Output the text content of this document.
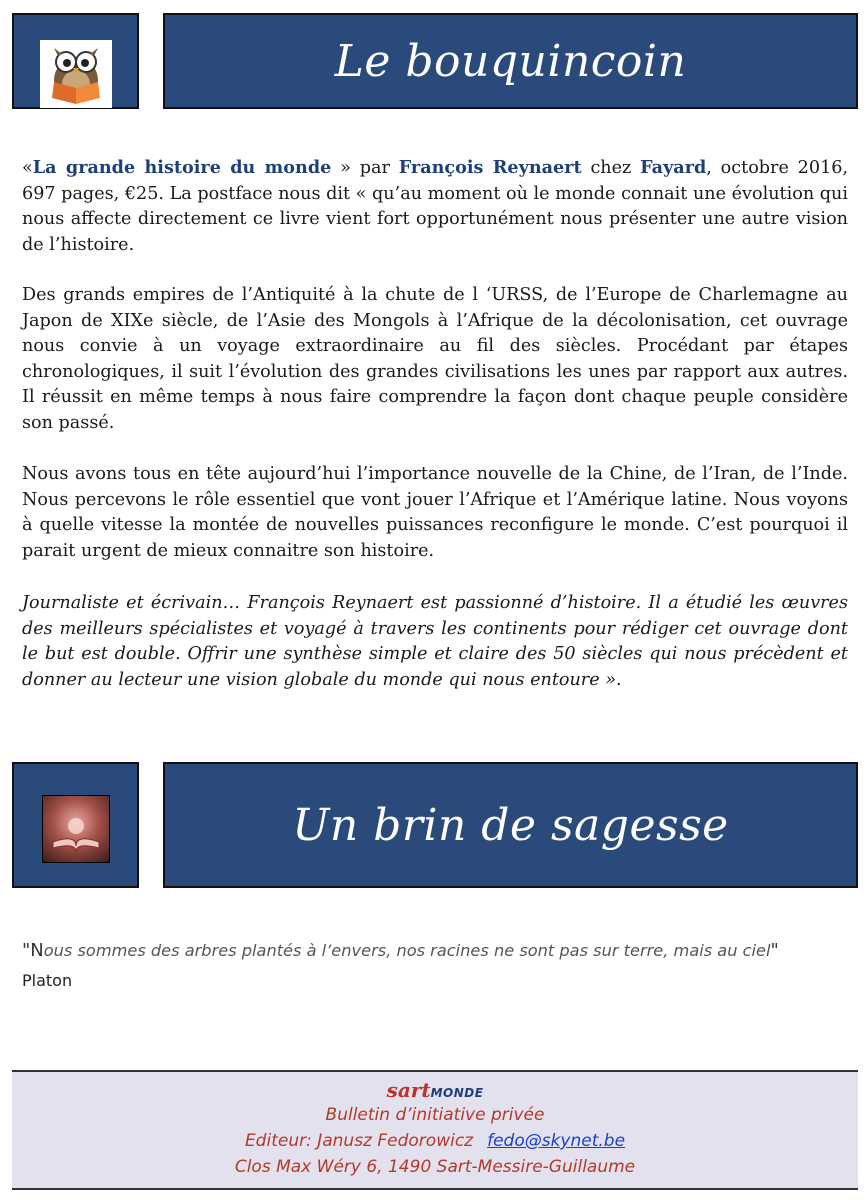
Le bouquincoin

«La grande histoire du monde » par François Reynaert chez Fayard, octobre 2016, 697 pages, €25. La postface nous dit « qu’au moment où le monde connait une évolution qui nous affecte directement ce livre vient fort opportunément nous présenter une autre vision de l’histoire.

Des grands empires de l’Antiquité à la chute de l ‘URSS, de l’Europe de Charlemagne au Japon de XIXe siècle, de l’Asie des Mongols à l’Afrique de la décolonisation, cet ouvrage nous convie à un voyage extraordinaire au fil des siècles. Procédant par étapes chronologiques, il suit l’évolution des grandes civilisations les unes par rapport aux autres. Il réussit en même temps à nous faire comprendre la façon dont chaque peuple considère son passé.

Nous avons tous en tête aujourd’hui l’importance nouvelle de la Chine, de l’Iran, de l’Inde. Nous percevons le rôle essentiel que vont jouer l’Afrique et l’Amérique latine. Nous voyons à quelle vitesse la montée de nouvelles puissances reconfigure le monde. C’est pourquoi il parait urgent de mieux connaitre son histoire.

Journaliste et écrivain… François Reynaert est passionné d’histoire. Il a étudié les œuvres des meilleurs spécialistes et voyagé à travers les continents pour rédiger cet ouvrage dont le but est double. Offrir une synthèse simple et claire des 50 siècles qui nous précèdent et donner au lecteur une vision globale du monde qui nous entoure ».

Un brin de sagesse
"Nous sommes des arbres plantés à l’envers, nos racines ne sont pas sur terre, mais au ciel"
Platon
sartMONDE
Bulletin d’initiative privée
Editeur: Janusz Fedorowicz fedo@skynet.be
Clos Max Wéry 6, 1490 Sart-Messire-Guillaume
